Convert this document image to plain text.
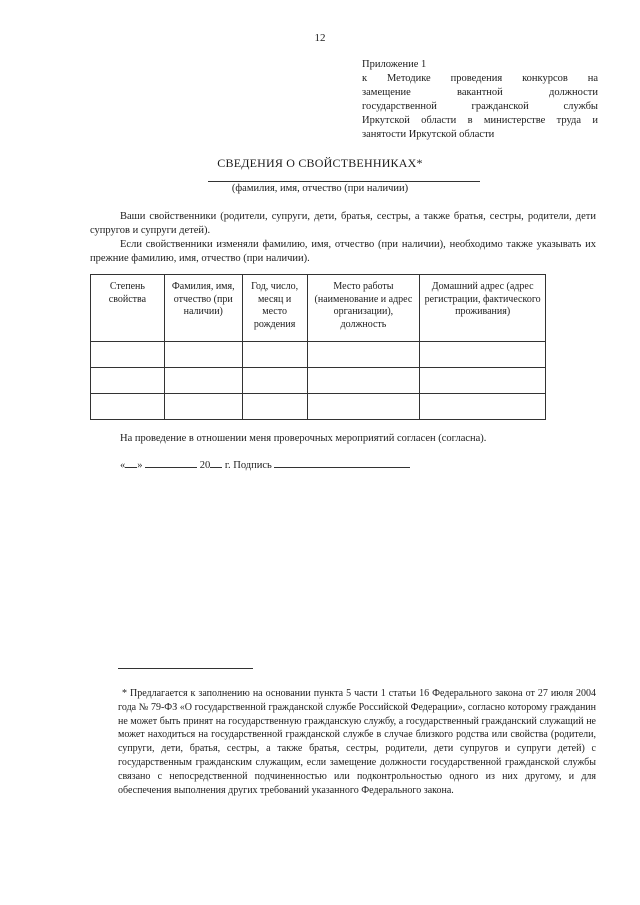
12
Приложение 1
к Методике проведения конкурсов на
замещение вакантной должности
государственной гражданской службы
Иркутской области в министерстве труда и
занятости Иркутской области
СВЕДЕНИЯ О СВОЙСТВЕННИКАХ*
(фамилия, имя, отчество (при наличии)
Ваши свойственники (родители, супруги, дети, братья, сестры, а также братья, сестры, родители, дети супругов и супруги детей).
Если свойственники изменяли фамилию, имя, отчество (при наличии), необходимо также указывать их прежние фамилию, имя, отчество (при наличии).
Степень свойства	Фамилия, имя, отчество (при наличии)	Год, число, месяц и место рождения	Место работы (наименование и адрес организации), должность	Домашний адрес (адрес регистрации, фактического проживания)

На проведение в отношении меня проверочных мероприятий согласен (согласна).
« »	20 г. Подпись
* Предлагается к заполнению на основании пункта 5 части 1 статьи 16 Федерального закона от 27 июля 2004 года № 79-ФЗ «О государственной гражданской службе Российской Федерации», согласно которому гражданин не может быть принят на государственную гражданскую службу, а государственный гражданский служащий не может находиться на государственной гражданской службе в случае близкого родства или свойства (родители, супруги, дети, братья, сестры, а также братья, сестры, родители, дети супругов и супруги детей) с государственным гражданским служащим, если замещение должности государственной гражданской службы связано с непосредственной подчиненностью или подконтрольностью одного из них другому, и для обеспечения выполнения других требований указанного Федерального закона.
